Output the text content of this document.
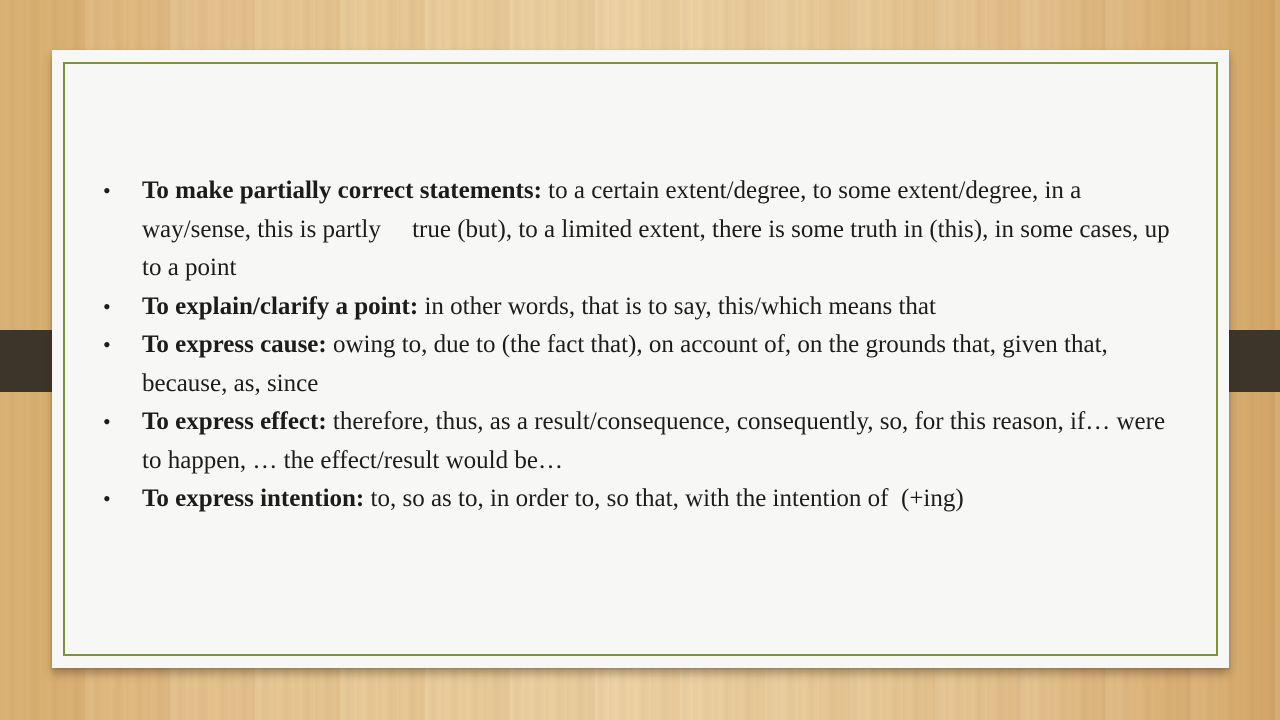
• To make partially correct statements: to a certain extent/degree, to some extent/degree, in a way/sense, this is partly     true (but), to a limited extent, there is some truth in (this), in some cases, up to a point
• To explain/clarify a point: in other words, that is to say, this/which means that
• To express cause: owing to, due to (the fact that), on account of, on the grounds that, given that, because, as, since
• To express effect: therefore, thus, as a result/consequence, consequently, so, for this reason, if… were to happen, … the effect/result would be…
• To express intention: to, so as to, in order to, so that, with the intention of  (+ing)
